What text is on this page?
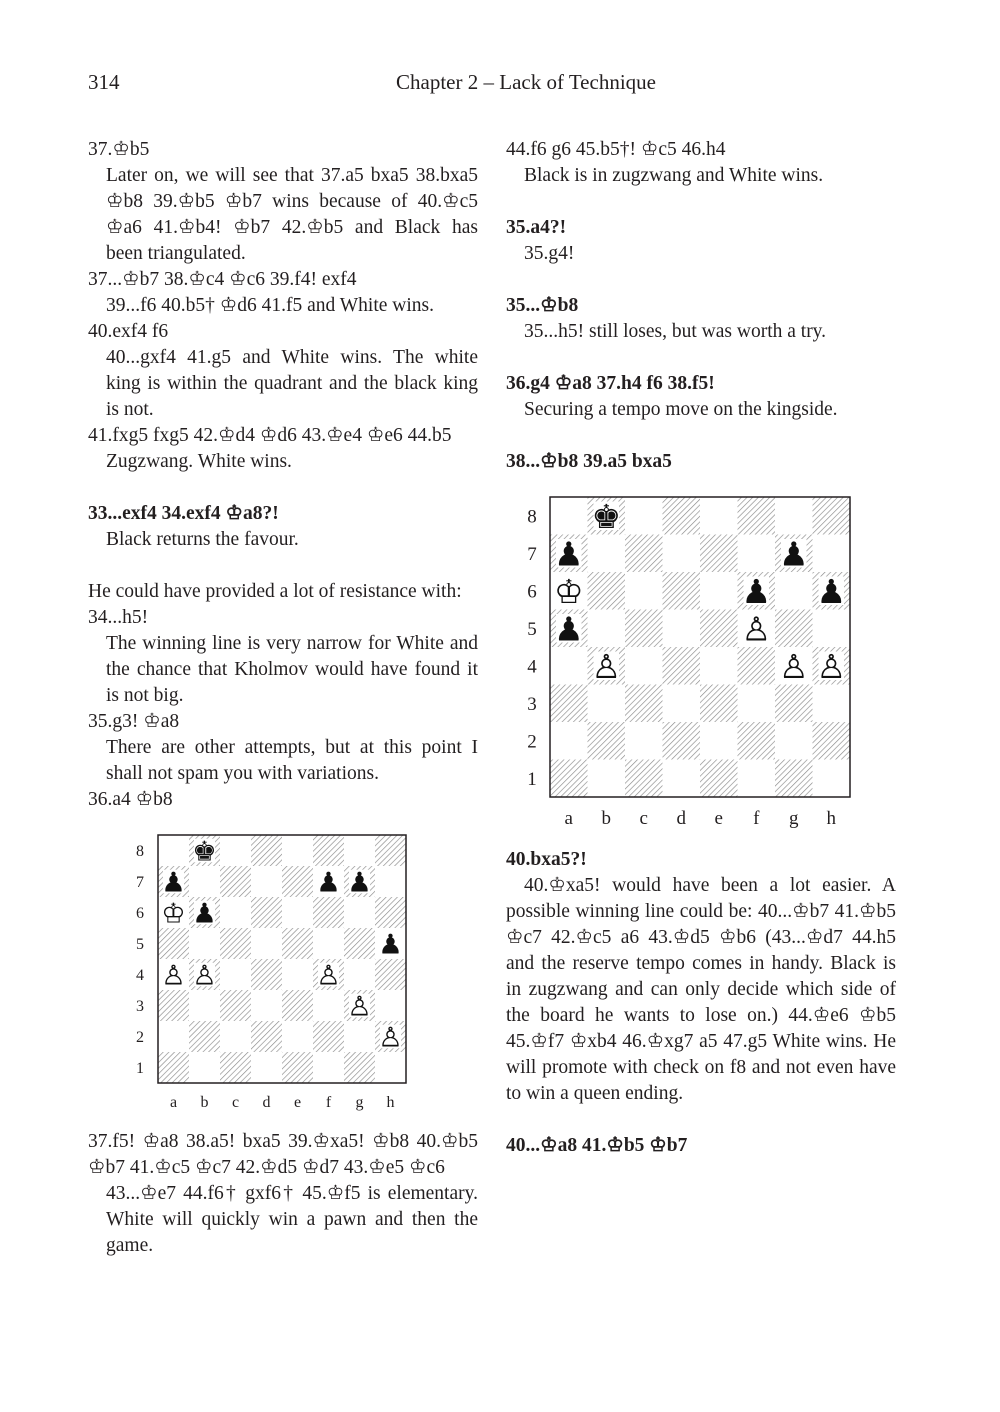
314	Chapter 2 – Lack of Technique

37.♔b5

Later on, we will see that 37.a5 bxa5 38.bxa5 ♔b8 39.♔b5 ♔b7 wins because of 40.♔c5 ♔a6 41.♔b4! ♔b7 42.♔b5 and Black has been triangulated.

37...♔b7 38.♔c4 ♔c6 39.f4! exf4

39...f6 40.b5† ♔d6 41.f5 and White wins.

40.exf4 f6

40...gxf4 41.g5 and White wins. The white king is within the quadrant and the black king is not.

41.fxg5 fxg5 42.♔d4 ♔d6 43.♔e4 ♔e6 44.b5 Zugzwang. White wins.

33...exf4 34.exf4 ♔a8?!

Black returns the favour.

He could have provided a lot of resistance with:

34...h5!

The winning line is very narrow for White and the chance that Kholmov would have found it is not big.

35.g3! ♔a8

There are other attempts, but at this point I shall not spam you with variations.

36.a4 ♔b8

8
7
6
5
4
3
2
1
a b c d e f g h
♚
♟	♟ ♟
♔ ♟
♟
♙ ♙	♙
♙
♙

37.f5! ♔a8 38.a5! bxa5 39.♔xa5! ♔b8 40.♔b5 ♔b7 41.♔c5 ♔c7 42.♔d5 ♔d7 43.♔e5 ♔c6

43...♔e7 44.f6† gxf6† 45.♔f5 is elementary. White will quickly win a pawn and then the game.

44.f6 g6 45.b5†! ♔c5 46.h4

Black is in zugzwang and White wins.

35.a4?!

35.g4!

35...♔b8

35...h5! still loses, but was worth a try.

36.g4 ♔a8 37.h4 f6 38.f5!

Securing a tempo move on the kingside.

38...♔b8 39.a5 bxa5

8
7
6
5
4
3
2
1
a b c d e f g h
♚
♟	♟
♔	♟ ♟
♟	♙
♙	♙ ♙

40.bxa5?!

40.♔xa5! would have been a lot easier. A possible winning line could be: 40...♔b7 41.♔b5 ♔c7 42.♔c5 a6 43.♔d5 ♔b6 (43...♔d7 44.h5 and the reserve tempo comes in handy. Black is in zugzwang and can only decide which side of the board he wants to lose on.) 44.♔e6 ♔b5 45.♔f7 ♔xb4 46.♔xg7 a5 47.g5 White wins. He will promote with check on f8 and not even have to win a queen ending.

40...♔a8 41.♔b5 ♔b7
